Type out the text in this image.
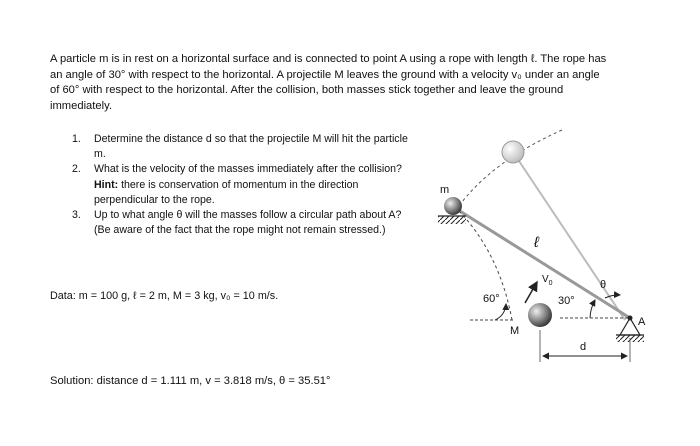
A particle m is in rest on a horizontal surface and is connected to point A using a rope with length ℓ. The rope has an angle of 30° with respect to the horizontal. A projectile M leaves the ground with a velocity v₀ under an angle of 60° with respect to the horizontal. After the collision, both masses stick together and leave the ground immediately.

1. Determine the distance d so that the projectile M will hit the particle m.
2. What is the velocity of the masses immediately after the collision?
Hint: there is conservation of momentum in the direction perpendicular to the rope.
3. Up to what angle θ will the masses follow a circular path about A? (Be aware of the fact that the rope might not remain stressed.)

Data: m = 100 g, ℓ = 2 m, M = 3 kg, v₀ = 10 m/s.

Solution: distance d = 1.111 m, v = 3.818 m/s, θ = 35.51°

m
ℓ
$V_0$
60°
M
30°
θ
A
d
